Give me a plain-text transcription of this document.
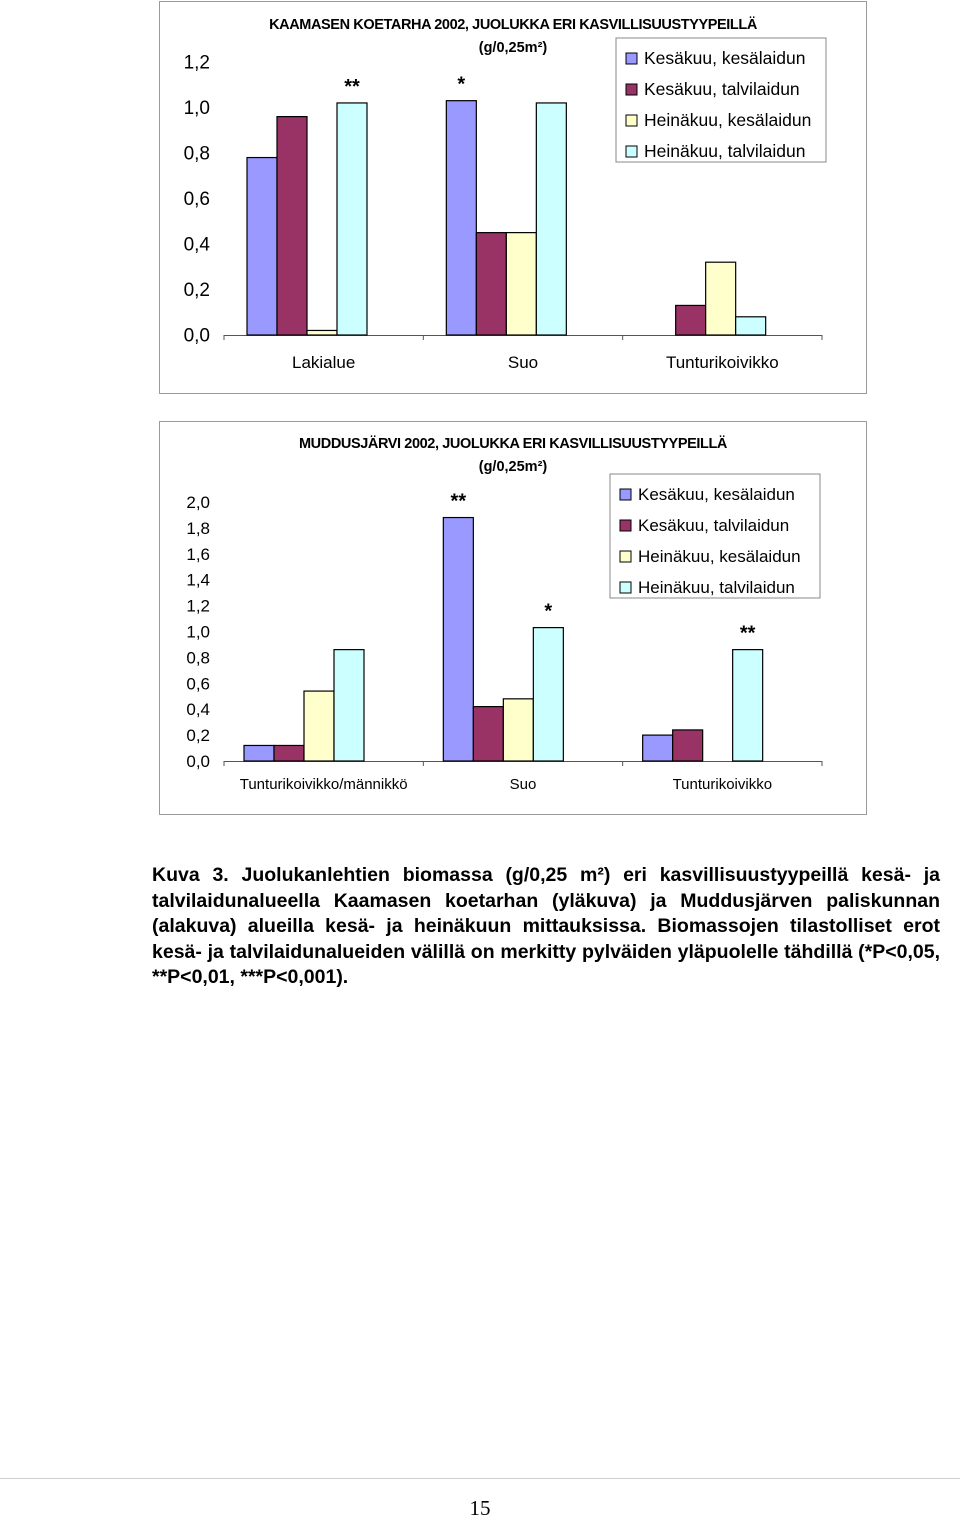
KAAMASEN KOETARHA 2002, JUOLUKKA ERI KASVILLISUUSTYYPEILLÄ
(g/0,25m²)
0,0
0,2
0,4
0,6
0,8
1,0
1,2
Lakialue	Suo	Tunturikoivikko
**	*
Kesäkuu, kesälaidun
Kesäkuu, talvilaidun
Heinäkuu, kesälaidun
Heinäkuu, talvilaidun
MUDDUSJÄRVI 2002, JUOLUKKA ERI KASVILLISUUSTYYPEILLÄ
(g/0,25m²)
0,0
0,2
0,4
0,6
0,8
1,0
1,2
1,4
1,6
1,8
2,0
Tunturikoivikko/männikkö	Suo	Tunturikoivikko
**
*
**
Kesäkuu, kesälaidun
Kesäkuu, talvilaidun
Heinäkuu, kesälaidun
Heinäkuu, talvilaidun
Kuva 3. Juolukanlehtien biomassa (g/0,25 m²) eri kasvillisuustyypeillä kesä- ja talvilaidunalueella Kaamasen koetarhan (yläkuva) ja Muddusjärven paliskunnan (alakuva) alueilla kesä- ja heinäkuun mittauksissa. Biomassojen tilastolliset erot kesä- ja talvilaidunalueiden välillä on merkitty pylväiden yläpuolelle tähdillä (*P<0,05, **P<0,01, ***P<0,001).
15
